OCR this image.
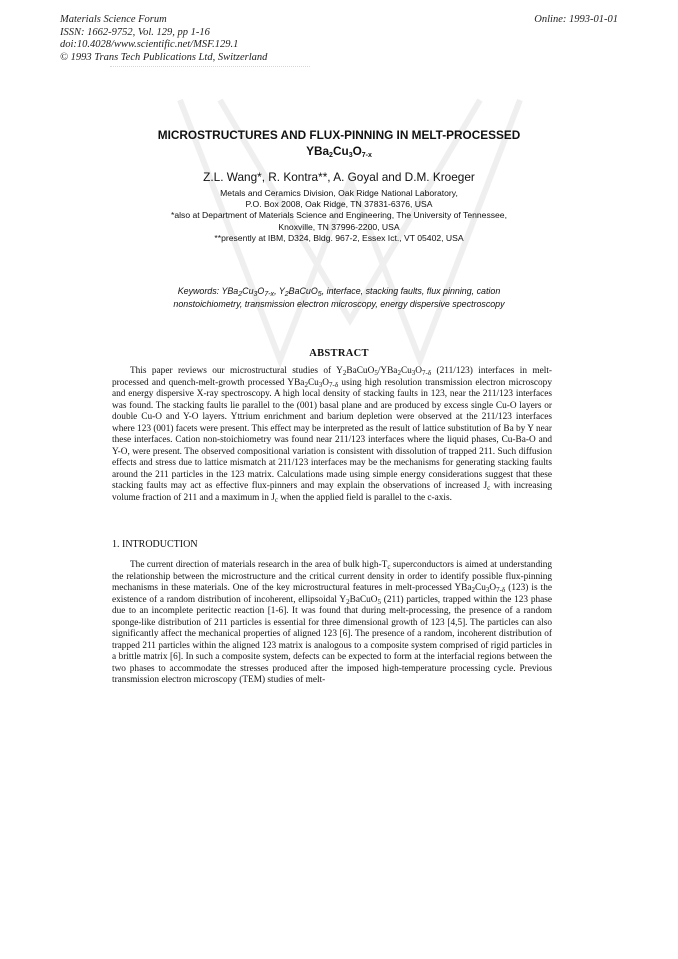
Materials Science Forum
ISSN: 1662-9752, Vol. 129, pp 1-16
doi:10.4028/www.scientific.net/MSF.129.1
© 1993 Trans Tech Publications Ltd, Switzerland
Online: 1993-01-01
MICROSTRUCTURES AND FLUX-PINNING IN MELT-PROCESSED
$YBa_2Cu_3O_{7-x}$
Z.L. Wang*, R. Kontra**, A. Goyal and D.M. Kroeger
Metals and Ceramics Division, Oak Ridge National Laboratory,
P.O. Box 2008, Oak Ridge, TN 37831-6376, USA
*also at Department of Materials Science and Engineering, The University of Tennessee,
Knoxville, TN 37996-2200, USA
**presently at IBM, D324, Bldg. 967-2, Essex Ict., VT 05402, USA
Keywords: $YBa_2Cu_3O_{7-x}$, $Y_2BaCuO_5$, interface, stacking faults, flux pinning, cation
nonstoichiometry, transmission electron microscopy, energy dispersive spectroscopy
ABSTRACT

This paper reviews our microstructural studies of $Y_2BaCuO_5/YBa_2Cu_3O_{7-\delta}$ (211/123) interfaces in melt-processed and quench-melt-growth processed $YBa_2Cu_3O_{7-\delta}$ using high resolution transmission electron microscopy and energy dispersive X-ray spectroscopy. A high local density of stacking faults in 123, near the 211/123 interfaces was found. The stacking faults lie parallel to the (001) basal plane and are produced by excess single Cu-O layers or double Cu-O and Y-O layers. Yttrium enrichment and barium depletion were observed at the 211/123 interfaces where 123 (001) facets were present. This effect may be interpreted as the result of lattice substitution of Ba by Y near these interfaces. Cation non-stoichiometry was found near 211/123 interfaces where the liquid phases, Cu-Ba-O and Y-O, were present. The observed compositional variation is consistent with dissolution of trapped 211. Such diffusion effects and stress due to lattice mismatch at 211/123 interfaces may be the mechanisms for generating stacking faults around the 211 particles in the 123 matrix. Calculations made using simple energy considerations suggest that these stacking faults may act as effective flux-pinners and may explain the observations of increased $J_c$ with increasing volume fraction of 211 and a maximum in $J_c$ when the applied field is parallel to the c-axis.

1. INTRODUCTION

The current direction of materials research in the area of bulk high-$T_c$ superconductors is aimed at understanding the relationship between the microstructure and the critical current density in order to identify possible flux-pinning mechanisms in these materials. One of the key microstructural features in melt-processed $YBa_2Cu_3O_{7-\delta}$ (123) is the existence of a random distribution of incoherent, ellipsoidal $Y_2BaCuO_5$ (211) particles, trapped within the 123 phase due to an incomplete peritectic reaction [1-6]. It was found that during melt-processing, the presence of a random sponge-like distribution of 211 particles is essential for three dimensional growth of 123 [4,5]. The particles can also significantly affect the mechanical properties of aligned 123 [6]. The presence of a random, incoherent distribution of trapped 211 particles within the aligned 123 matrix is analogous to a composite system comprised of rigid particles in a brittle matrix [6]. In such a composite system, defects can be expected to form at the interfacial regions between the two phases to accommodate the stresses produced after the imposed high-temperature processing cycle. Previous transmission electron microscopy (TEM) studies of melt-
